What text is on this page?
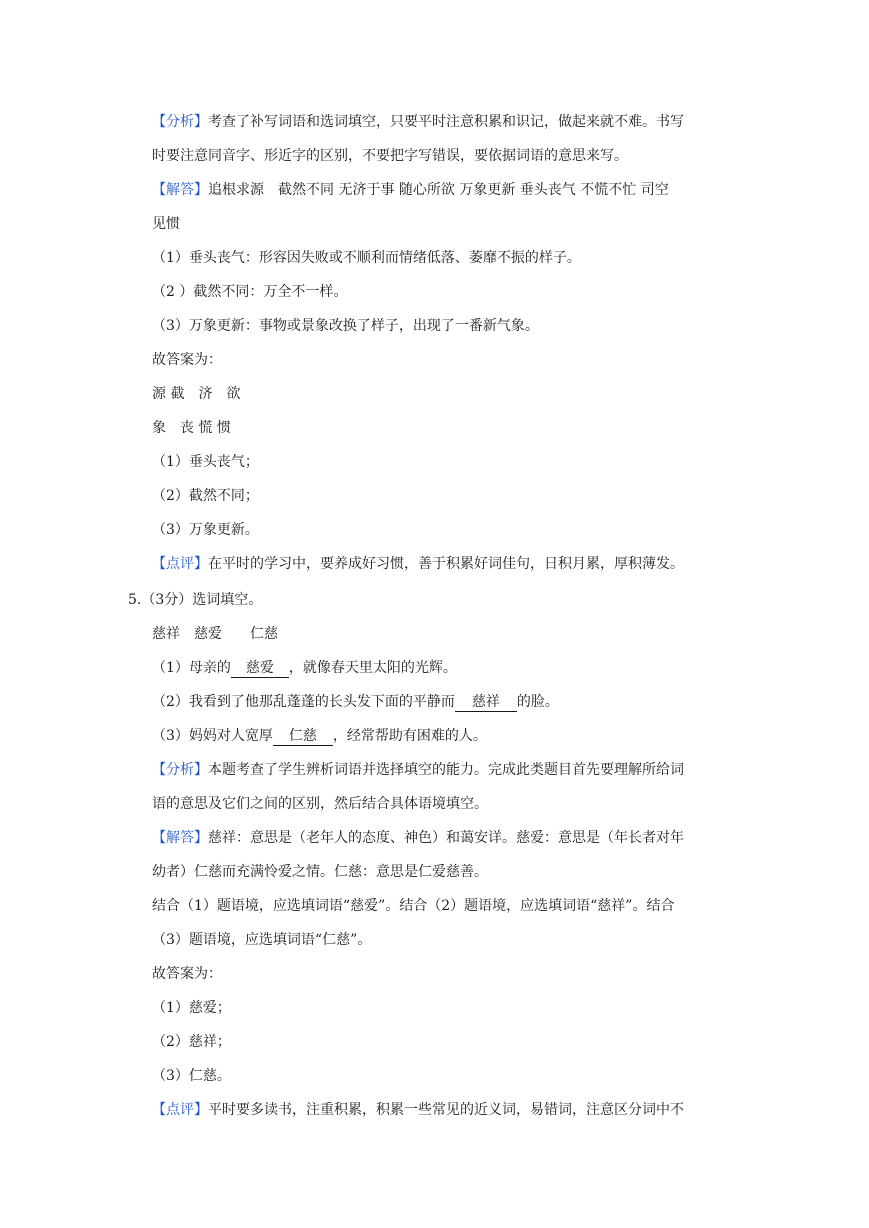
【分析】考查了补写词语和选词填空，只要平时注意积累和识记，做起来就不难。书写
时要注意同音字、形近字的区别，不要把字写错误，要依据词语的意思来写。
【解答】追根求源　截然不同 无济于事 随心所欲 万象更新 垂头丧气 不慌不忙 司空
见惯
（1）垂头丧气：形容因失败或不顺利而情绪低落、萎靡不振的样子。
（2 ）截然不同：万全不一样。
（3）万象更新：事物或景象改换了样子，出现了一番新气象。
故答案为：
源 截　济　欲
象　丧 慌 惯
（1）垂头丧气；
（2）截然不同；
（3）万象更新。
【点评】在平时的学习中，要养成好习惯，善于积累好词佳句，日积月累，厚积薄发。
5.（3分）选词填空。
慈祥　慈爱　　仁慈
（1）母亲的 慈爱 ，就像春天里太阳的光辉。
（2）我看到了他那乱蓬蓬的长头发下面的平静而 慈祥 的脸。
（3）妈妈对人宽厚 仁慈 ，经常帮助有困难的人。
【分析】本题考查了学生辨析词语并选择填空的能力。完成此类题目首先要理解所给词
语的意思及它们之间的区别，然后结合具体语境填空。
【解答】慈祥：意思是（老年人的态度、神色）和蔼安详。慈爱：意思是（年长者对年
幼者）仁慈而充满怜爱之情。仁慈：意思是仁爱慈善。
结合（1）题语境，应选填词语“慈爱”。结合（2）题语境，应选填词语“慈祥”。结合
（3）题语境，应选填词语“仁慈”。
故答案为：
（1）慈爱；
（2）慈祥；
（3）仁慈。
【点评】平时要多读书，注重积累，积累一些常见的近义词，易错词，注意区分词中不
